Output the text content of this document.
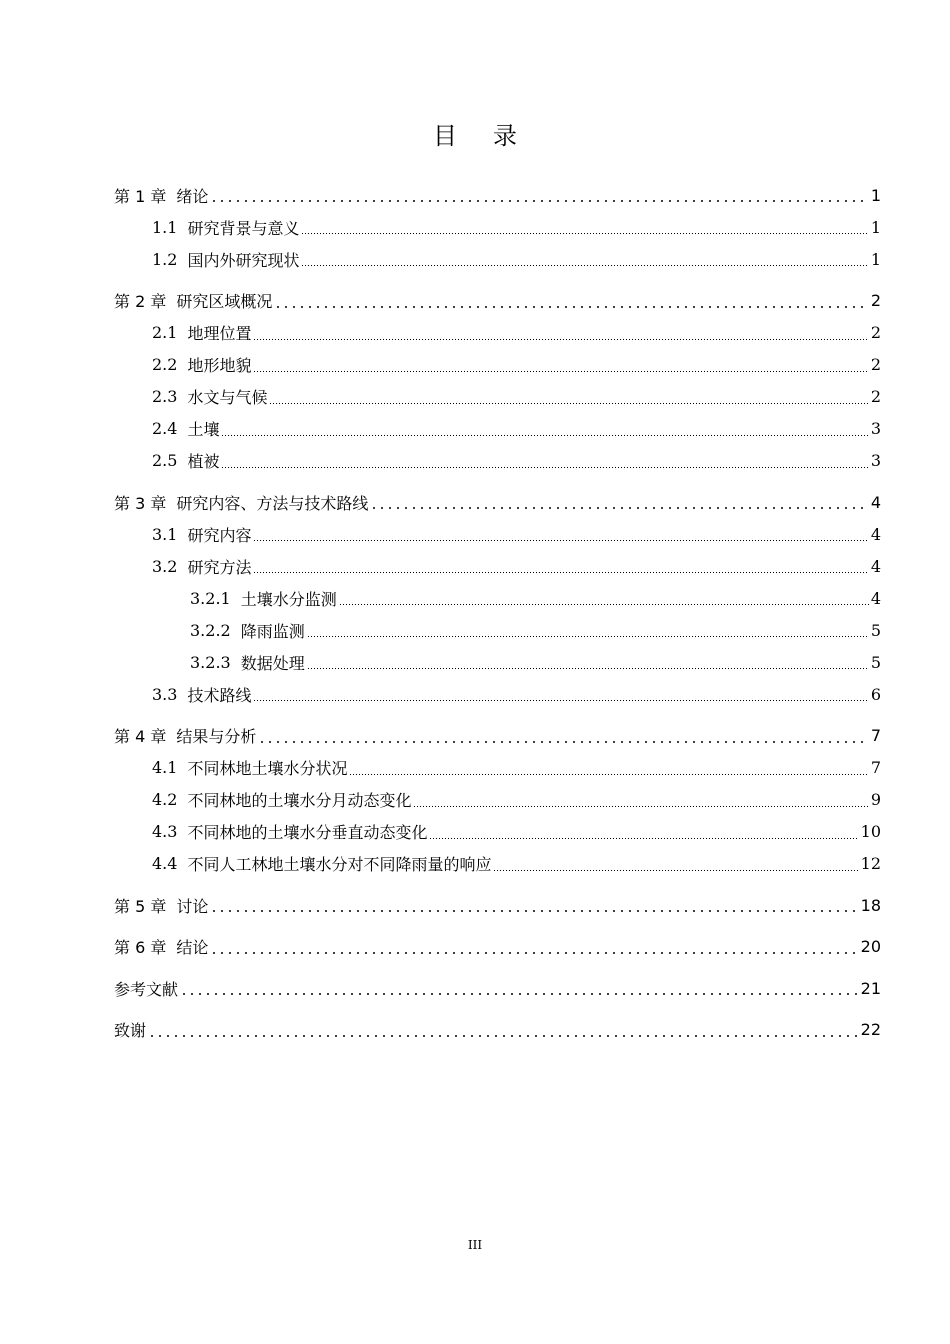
目 录
第 1 章 绪论	1
1.1 研究背景与意义	1
1.2 国内外研究现状	1
第 2 章 研究区域概况	2
2.1 地理位置	2
2.2 地形地貌	2
2.3 水文与气候	2
2.4 土壤	3
2.5 植被	3
第 3 章 研究内容、方法与技术路线	4
3.1 研究内容	4
3.2 研究方法	4
3.2.1 土壤水分监测	4
3.2.2 降雨监测	5
3.2.3 数据处理	5
3.3 技术路线	6
第 4 章 结果与分析	7
4.1 不同林地土壤水分状况	7
4.2 不同林地的土壤水分月动态变化	9
4.3 不同林地的土壤水分垂直动态变化	10
4.4 不同人工林地土壤水分对不同降雨量的响应	12
第 5 章 讨论	18
第 6 章 结论	20
参考文献	21
致谢	22
III
